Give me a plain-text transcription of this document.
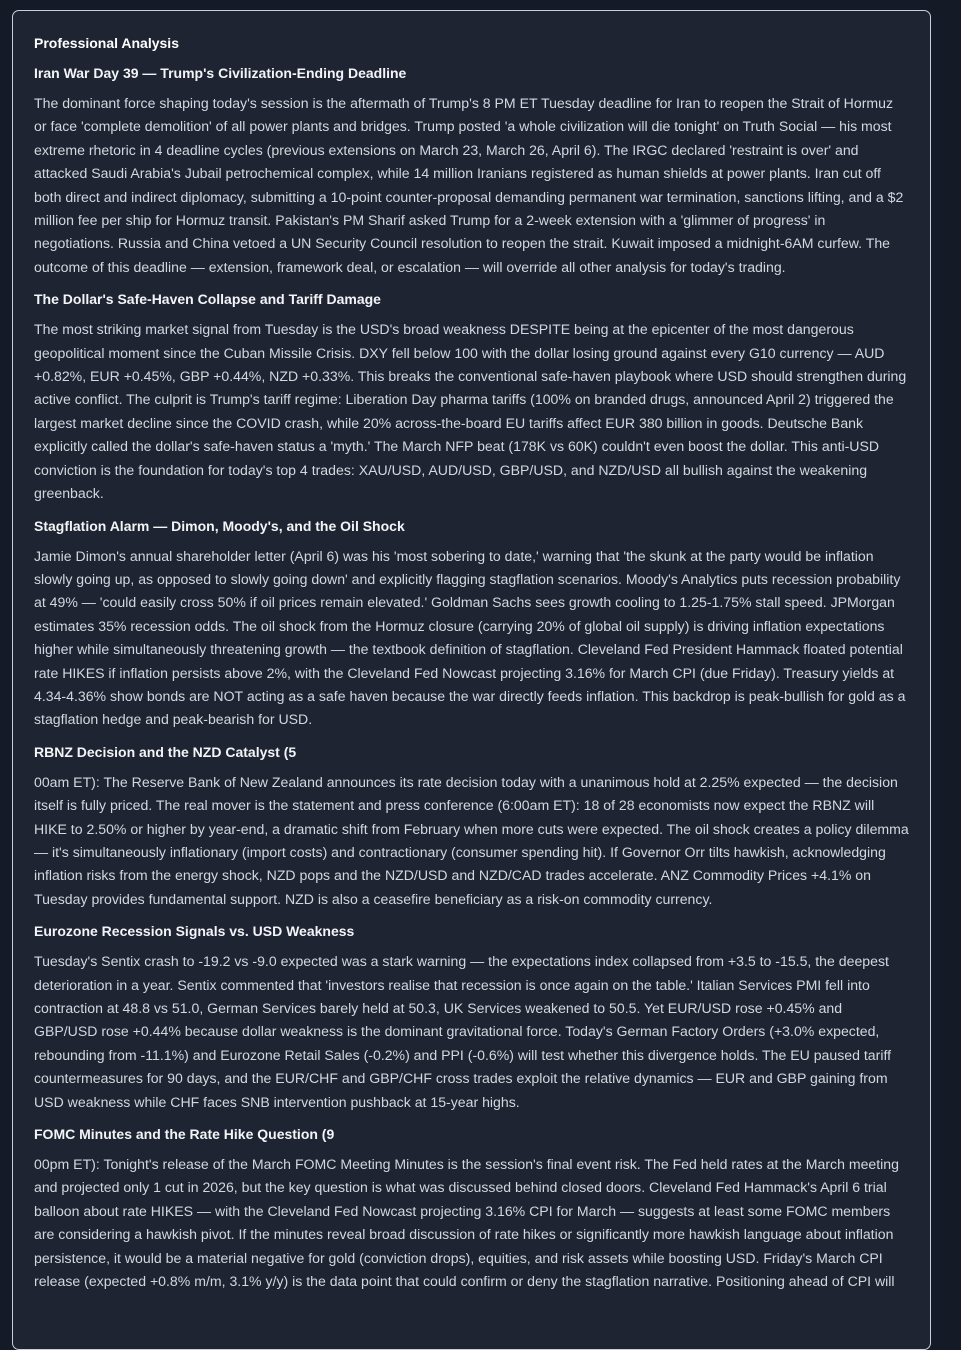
Professional Analysis
Iran War Day 39 — Trump's Civilization-Ending Deadline
The dominant force shaping today's session is the aftermath of Trump's 8 PM ET Tuesday deadline for Iran to reopen the Strait of Hormuz or face 'complete demolition' of all power plants and bridges. Trump posted 'a whole civilization will die tonight' on Truth Social — his most extreme rhetoric in 4 deadline cycles (previous extensions on March 23, March 26, April 6). The IRGC declared 'restraint is over' and attacked Saudi Arabia's Jubail petrochemical complex, while 14 million Iranians registered as human shields at power plants. Iran cut off both direct and indirect diplomacy, submitting a 10-point counter-proposal demanding permanent war termination, sanctions lifting, and a $2 million fee per ship for Hormuz transit. Pakistan's PM Sharif asked Trump for a 2-week extension with a 'glimmer of progress' in negotiations. Russia and China vetoed a UN Security Council resolution to reopen the strait. Kuwait imposed a midnight-6AM curfew. The outcome of this deadline — extension, framework deal, or escalation — will override all other analysis for today's trading.
The Dollar's Safe-Haven Collapse and Tariff Damage
The most striking market signal from Tuesday is the USD's broad weakness DESPITE being at the epicenter of the most dangerous geopolitical moment since the Cuban Missile Crisis. DXY fell below 100 with the dollar losing ground against every G10 currency — AUD +0.82%, EUR +0.45%, GBP +0.44%, NZD +0.33%. This breaks the conventional safe-haven playbook where USD should strengthen during active conflict. The culprit is Trump's tariff regime: Liberation Day pharma tariffs (100% on branded drugs, announced April 2) triggered the largest market decline since the COVID crash, while 20% across-the-board EU tariffs affect EUR 380 billion in goods. Deutsche Bank explicitly called the dollar's safe-haven status a 'myth.' The March NFP beat (178K vs 60K) couldn't even boost the dollar. This anti-USD conviction is the foundation for today's top 4 trades: XAU/USD, AUD/USD, GBP/USD, and NZD/USD all bullish against the weakening greenback.
Stagflation Alarm — Dimon, Moody's, and the Oil Shock
Jamie Dimon's annual shareholder letter (April 6) was his 'most sobering to date,' warning that 'the skunk at the party would be inflation slowly going up, as opposed to slowly going down' and explicitly flagging stagflation scenarios. Moody's Analytics puts recession probability at 49% — 'could easily cross 50% if oil prices remain elevated.' Goldman Sachs sees growth cooling to 1.25-1.75% stall speed. JPMorgan estimates 35% recession odds. The oil shock from the Hormuz closure (carrying 20% of global oil supply) is driving inflation expectations higher while simultaneously threatening growth — the textbook definition of stagflation. Cleveland Fed President Hammack floated potential rate HIKES if inflation persists above 2%, with the Cleveland Fed Nowcast projecting 3.16% for March CPI (due Friday). Treasury yields at 4.34-4.36% show bonds are NOT acting as a safe haven because the war directly feeds inflation. This backdrop is peak-bullish for gold as a stagflation hedge and peak-bearish for USD.
RBNZ Decision and the NZD Catalyst (5
00am ET): The Reserve Bank of New Zealand announces its rate decision today with a unanimous hold at 2.25% expected — the decision itself is fully priced. The real mover is the statement and press conference (6:00am ET): 18 of 28 economists now expect the RBNZ will HIKE to 2.50% or higher by year-end, a dramatic shift from February when more cuts were expected. The oil shock creates a policy dilemma — it's simultaneously inflationary (import costs) and contractionary (consumer spending hit). If Governor Orr tilts hawkish, acknowledging inflation risks from the energy shock, NZD pops and the NZD/USD and NZD/CAD trades accelerate. ANZ Commodity Prices +4.1% on Tuesday provides fundamental support. NZD is also a ceasefire beneficiary as a risk-on commodity currency.
Eurozone Recession Signals vs. USD Weakness
Tuesday's Sentix crash to -19.2 vs -9.0 expected was a stark warning — the expectations index collapsed from +3.5 to -15.5, the deepest deterioration in a year. Sentix commented that 'investors realise that recession is once again on the table.' Italian Services PMI fell into contraction at 48.8 vs 51.0, German Services barely held at 50.3, UK Services weakened to 50.5. Yet EUR/USD rose +0.45% and GBP/USD rose +0.44% because dollar weakness is the dominant gravitational force. Today's German Factory Orders (+3.0% expected, rebounding from -11.1%) and Eurozone Retail Sales (-0.2%) and PPI (-0.6%) will test whether this divergence holds. The EU paused tariff countermeasures for 90 days, and the EUR/CHF and GBP/CHF cross trades exploit the relative dynamics — EUR and GBP gaining from USD weakness while CHF faces SNB intervention pushback at 15-year highs.
FOMC Minutes and the Rate Hike Question (9
00pm ET): Tonight's release of the March FOMC Meeting Minutes is the session's final event risk. The Fed held rates at the March meeting and projected only 1 cut in 2026, but the key question is what was discussed behind closed doors. Cleveland Fed Hammack's April 6 trial balloon about rate HIKES — with the Cleveland Fed Nowcast projecting 3.16% CPI for March — suggests at least some FOMC members are considering a hawkish pivot. If the minutes reveal broad discussion of rate hikes or significantly more hawkish language about inflation persistence, it would be a material negative for gold (conviction drops), equities, and risk assets while boosting USD. Friday's March CPI release (expected +0.8% m/m, 3.1% y/y) is the data point that could confirm or deny the stagflation narrative. Positioning ahead of CPI will
